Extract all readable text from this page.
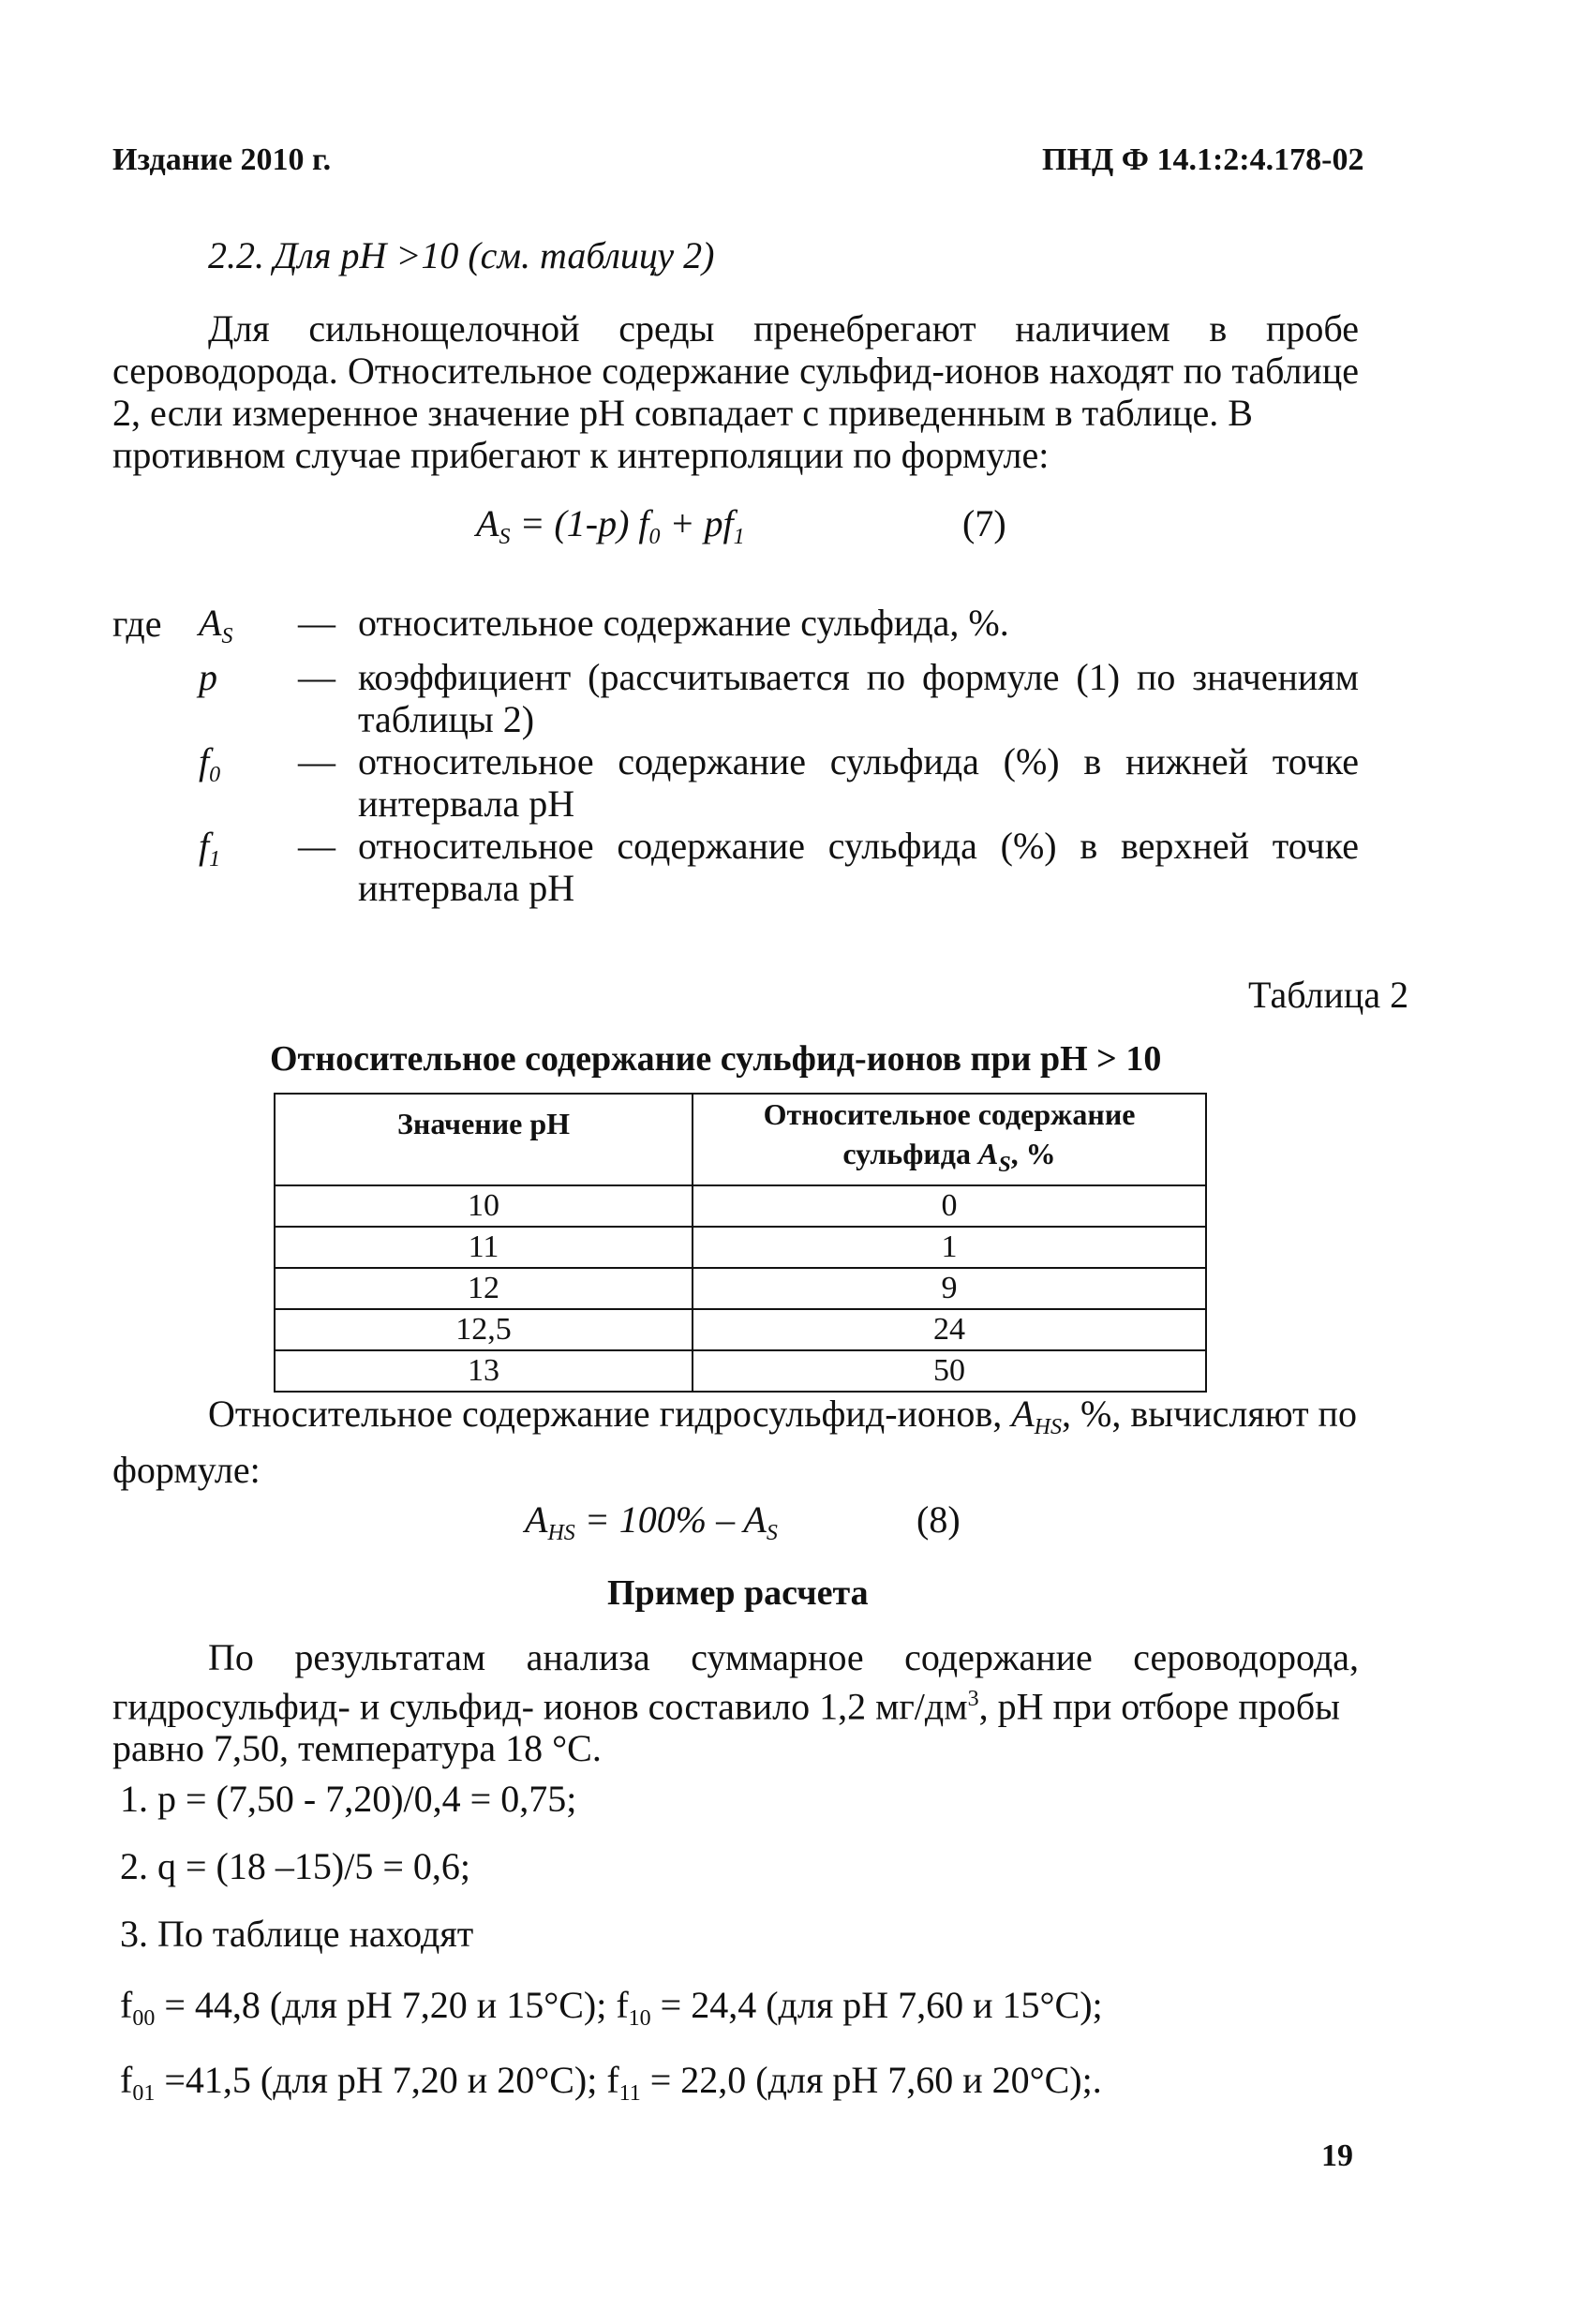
Издание 2010 г.	ПНД Ф 14.1:2:4.178-02
2.2. Для pH >10 (см. таблицу 2)
Для сильнощелочной среды пренебрегают наличием в пробе сероводорода. Относительное содержание сульфид-ионов находят по таблице 2, если измеренное значение pH совпадает с приведенным в таблице. В
противном случае прибегают к интерполяции по формуле:
$A_S = (1-p) f_0 + pf_1$	(7)
где $A_S$ — относительное содержание сульфида, %.
p — коэффициент (рассчитывается по формуле (1) по значениям
таблицы 2)
$f_0$ — относительное содержание сульфида (%) в нижней точке
интервала pH
$f_1$ — относительное содержание сульфида (%) в верхней точке
интервала pH
Таблица 2
Относительное содержание сульфид-ионов при pH > 10
Значение pH	Относительное содержание
сульфида $A_S$, %
10	0
11	1
12	9
12,5	24
13	50
Относительное содержание гидросульфид-ионов, $A_{HS}$, %, вычисляют по
формуле:
$A_{HS} = 100\% - A_S$	(8)
Пример расчета
По результатам анализа суммарное содержание сероводорода, гидросульфид- и сульфид- ионов составило 1,2 $мг/дм^3$, pH при отборе пробы
равно 7,50, температура 18 °С.
1. p = (7,50 - 7,20)/0,4 = 0,75;
2. q = (18 –15)/5 = 0,6;
3. По таблице находят
$f_{00} = 44,8$ (для pH 7,20 и 15°С); $f_{10} = 24,4$ (для pH 7,60 и 15°С);
$f_{01} =41,5$ (для pH 7,20 и 20°С); $f_{11} = 22,0$ (для pH 7,60 и 20°С);.
19
